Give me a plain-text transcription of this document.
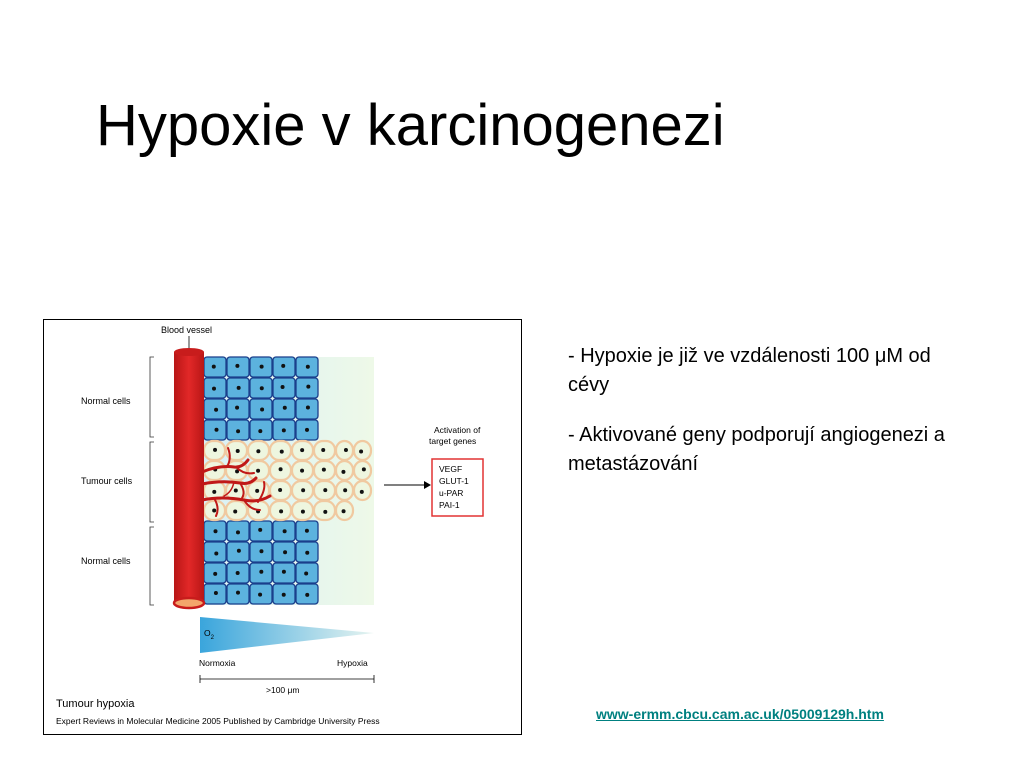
Hypoxie v karcinogenezi
Blood vessel
Normal cells
Tumour cells
Normal cells
Activation of
target genes
VEGF
GLUT-1
u-PAR
PAI-1
$O_2$
Normoxia	Hypoxia
>100 μm
Tumour hypoxia
Expert Reviews in Molecular Medicine 2005 Published by Cambridge University Press

- Hypoxie je již ve vzdálenosti 100 μM od cévy

- Aktivované geny podporují angiogenezi a metastázování

www-ermm.cbcu.cam.ac.uk/05009129h.htm
